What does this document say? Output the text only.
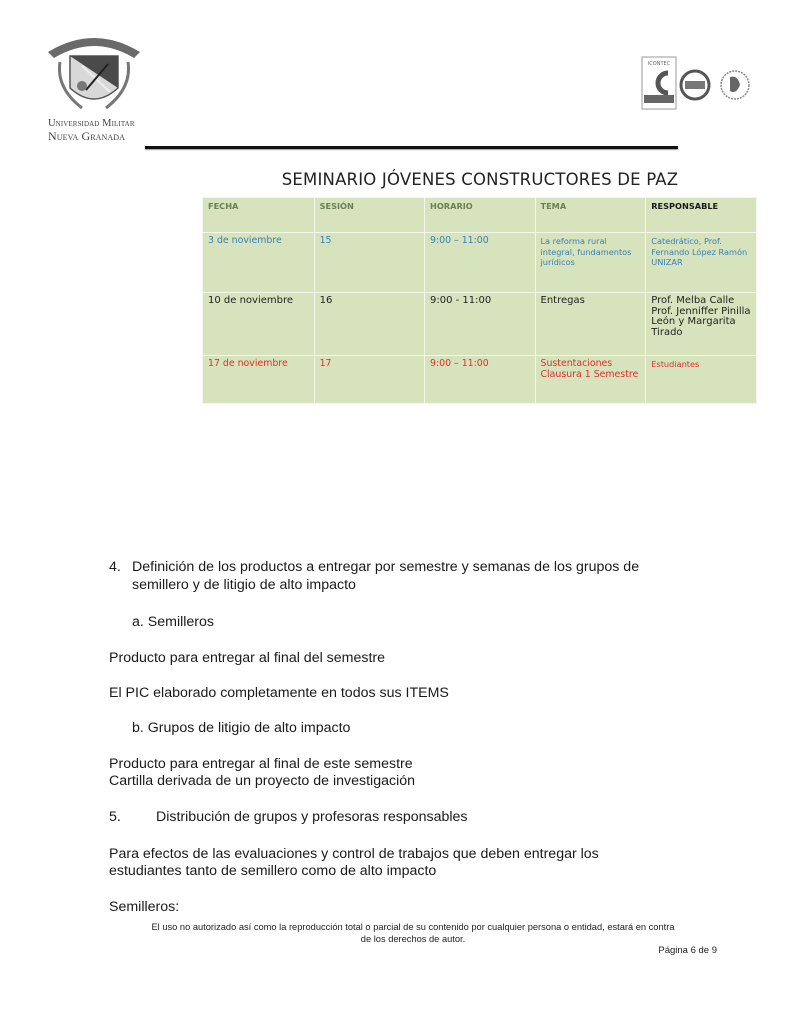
Universidad Militar
Nueva Granada
ICONTEC
SEMINARIO JÓVENES CONSTRUCTORES DE PAZ
FECHA	SESIÓN	HORARIO	TEMA	RESPONSABLE
3 de noviembre	15	9:00 – 11:00	La reforma rural integral, fundamentos jurídicos	Catedrático, Prof. Fernando López Ramón UNIZAR
10 de noviembre	16	9:00 - 11:00	Entregas	Prof. Melba Calle Prof. Jenniffer Pinilla León y Margarita Tirado
17 de noviembre	17	9:00 – 11:00	Sustentaciones Clausura 1 Semestre	Estudiantes
4. Definición de los productos a entregar por semestre y semanas de los grupos de
semillero y de litigio de alto impacto
a. Semilleros
Producto para entregar al final del semestre
El PIC elaborado completamente en todos sus ITEMS
b. Grupos de litigio de alto impacto
Producto para entregar al final de este semestre
Cartilla derivada de un proyecto de investigación
5. Distribución de grupos y profesoras responsables
Para efectos de las evaluaciones y control de trabajos que deben entregar los
estudiantes tanto de semillero como de alto impacto
Semilleros:
El uso no autorizado así como la reproducción total o parcial de su contenido por cualquier persona o entidad, estará en contra
de los derechos de autor.
Página 6 de 9
